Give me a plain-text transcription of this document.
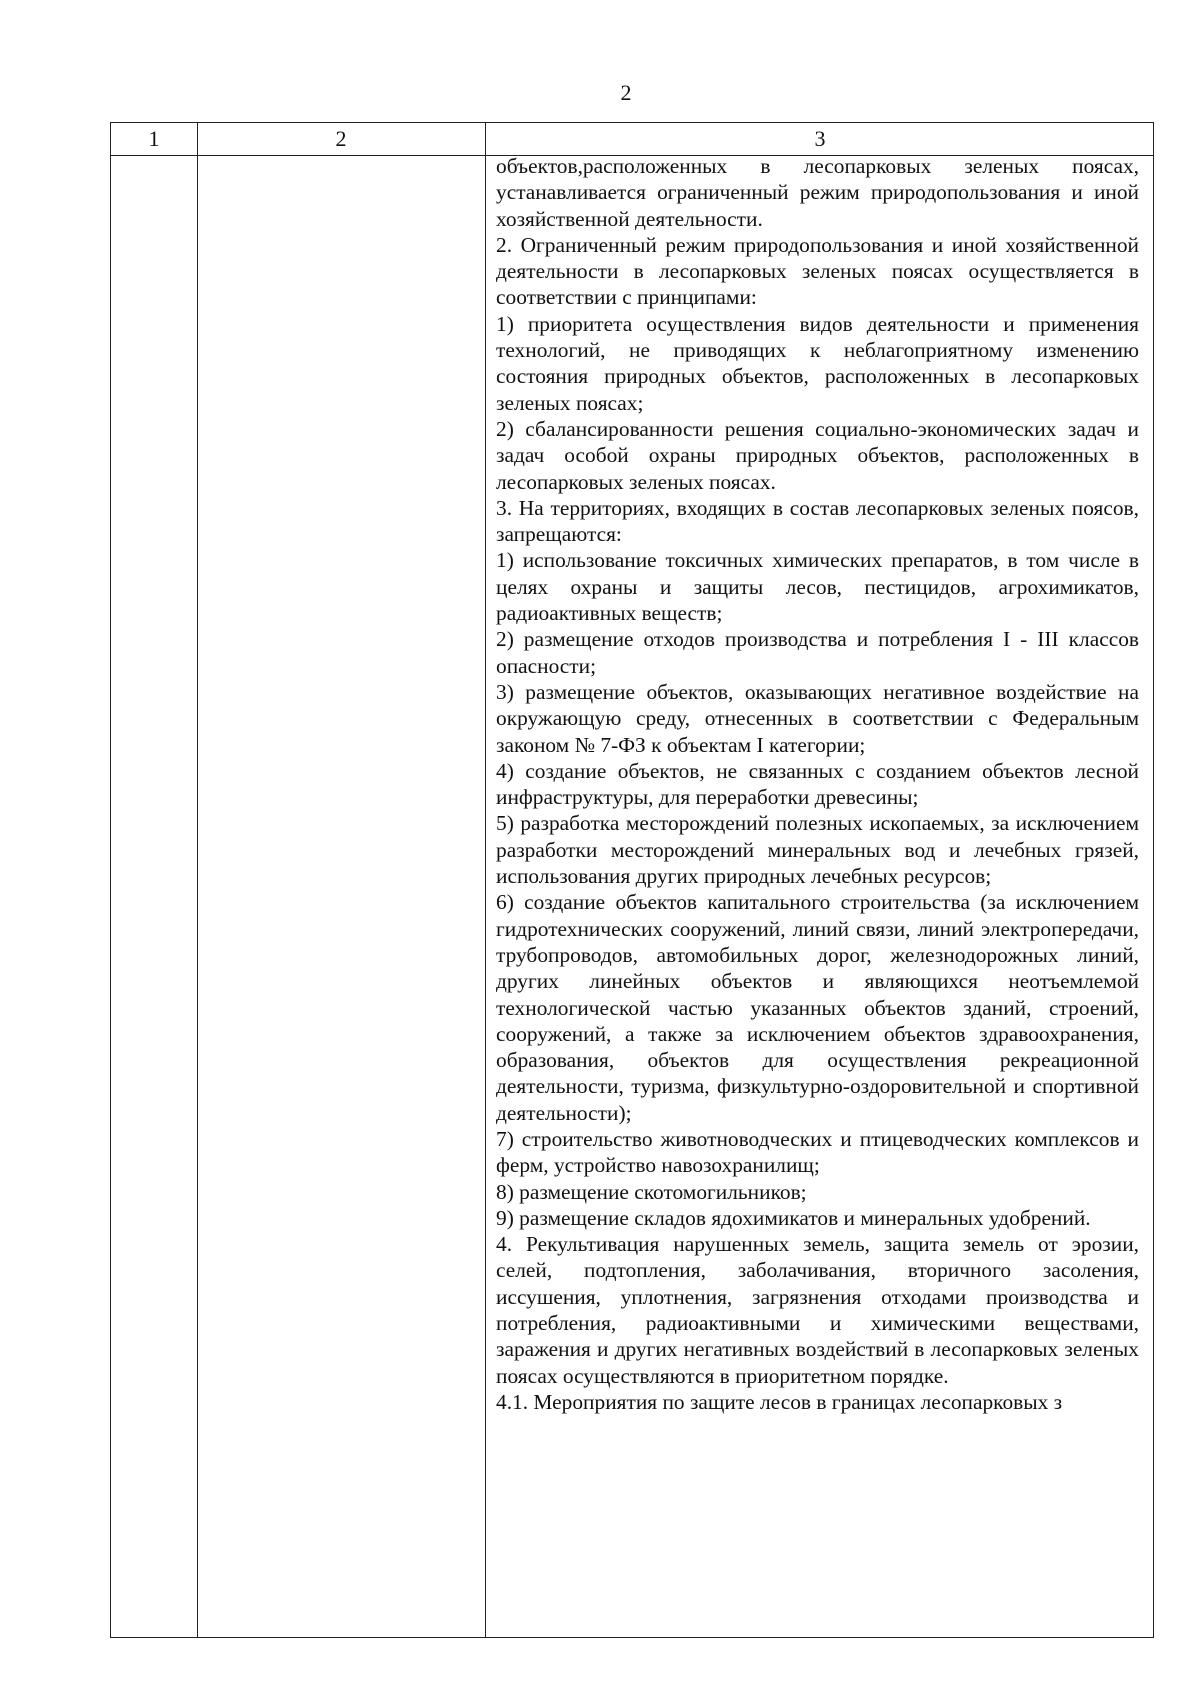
2
1	2	3

объектов,расположенных в лесопарковых зеленых поясах, устанавливается ограниченный режим природопользования и иной хозяйственной деятельности.

2. Ограниченный режим природопользования и иной хозяйственной деятельности в лесопарковых зеленых поясах осуществляется в соответствии с принципами:

1) приоритета осуществления видов деятельности и применения технологий, не приводящих к неблагоприятному изменению состояния природных объектов, расположенных в лесопарковых зеленых поясах;

2) сбалансированности решения социально-экономических задач и задач особой охраны природных объектов, расположенных в лесопарковых зеленых поясах.

3. На территориях, входящих в состав лесопарковых зеленых поясов, запрещаются:

1) использование токсичных химических препаратов, в том числе в целях охраны и защиты лесов, пестицидов, агрохимикатов, радиоактивных веществ;

2) размещение отходов производства и потребления I - III классов опасности;

3) размещение объектов, оказывающих негативное воздействие на окружающую среду, отнесенных в соответствии с Федеральным законом № 7-ФЗ к объектам I категории;

4) создание объектов, не связанных с созданием объектов лесной инфраструктуры, для переработки древесины;

5) разработка месторождений полезных ископаемых, за исключением разработки месторождений минеральных вод и лечебных грязей, использования других природных лечебных ресурсов;

6) создание объектов капитального строительства (за исключением гидротехнических сооружений, линий связи, линий электропередачи, трубопроводов, автомобильных дорог, железнодорожных линий, других линейных объектов и являющихся неотъемлемой технологической частью указанных объектов зданий, строений, сооружений, а также за исключением объектов здравоохранения, образования, объектов для осуществления рекреационной деятельности, туризма, физкультурно-оздоровительной и спортивной деятельности);

7) строительство животноводческих и птицеводческих комплексов и ферм, устройство навозохранилищ;

8) размещение скотомогильников;

9) размещение складов ядохимикатов и минеральных удобрений.

4. Рекультивация нарушенных земель, защита земель от эрозии, селей, подтопления, заболачивания, вторичного засоления, иссушения, уплотнения, загрязнения отходами производства и потребления, радиоактивными и химическими веществами, заражения и других негативных воздействий в лесопарковых зеленых поясах осуществляются в приоритетном порядке.

4.1. Мероприятия по защите лесов в границах лесопарковых з
